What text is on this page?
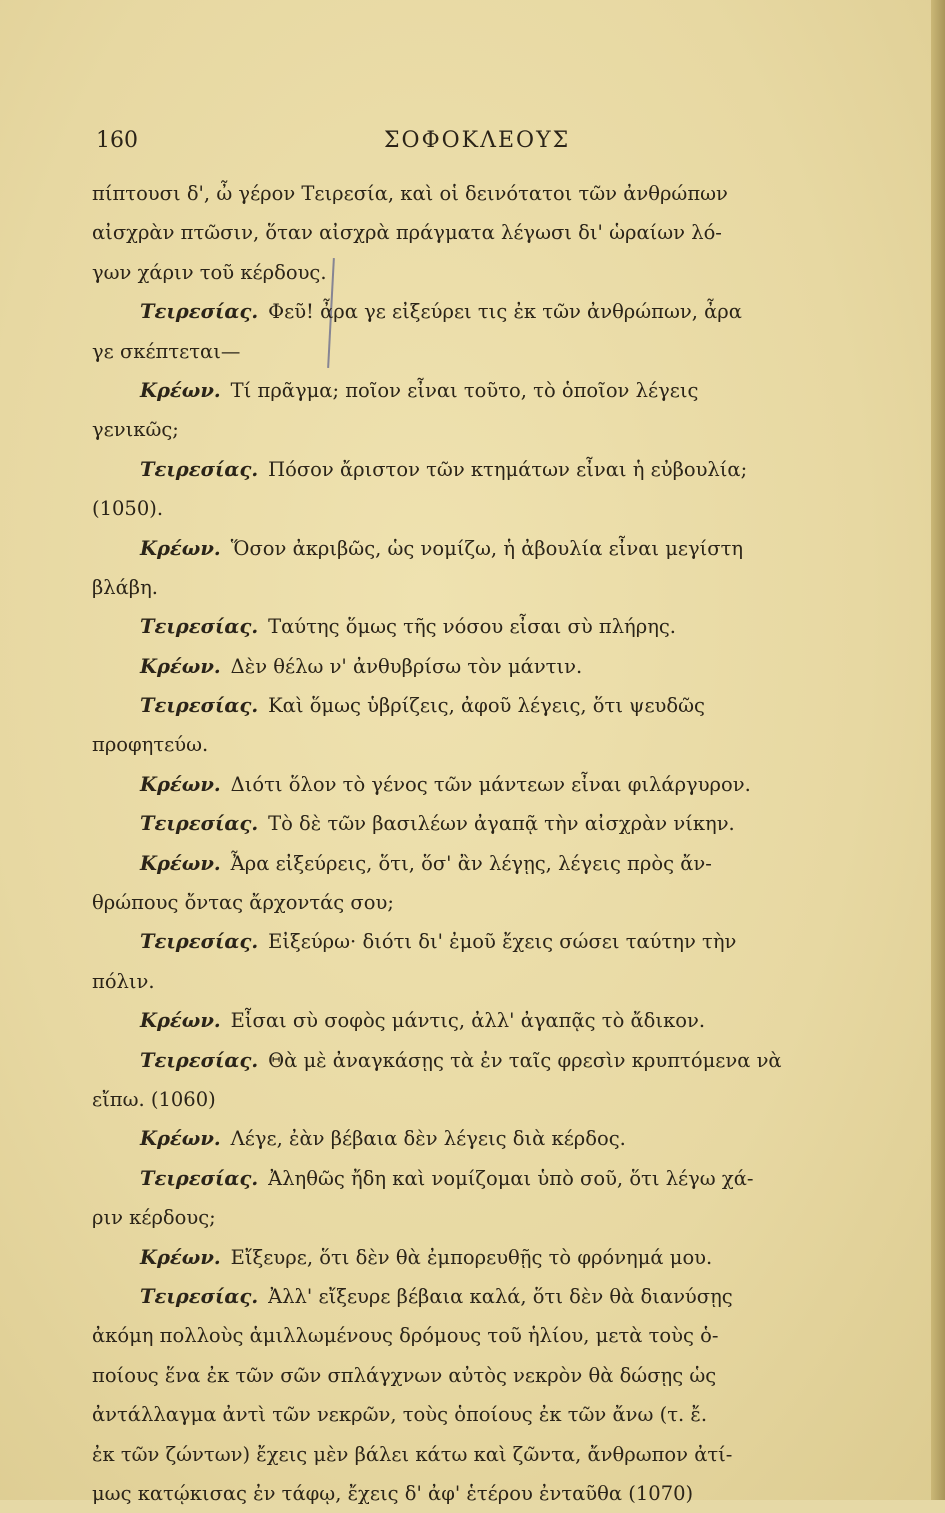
160	ΣΟΦΟΚΛΕΟΥΣ
πίπτουσι δ', ὦ γέρον Τειρεσία, καὶ οἱ δεινότατοι τῶν ἀνθρώπων
αἰσχρὰν πτῶσιν, ὅταν αἰσχρὰ πράγματα λέγωσι δι' ὡραίων λό-
γων χάριν τοῦ κέρδους.
Τειρεσίας. Φεῦ! ἆρα γε εἰξεύρει τις ἐκ τῶν ἀνθρώπων, ἆρα
γε σκέπτεται—
Κρέων. Τί πρᾶγμα; ποῖον εἶναι τοῦτο, τὸ ὁποῖον λέγεις
γενικῶς;
Τειρεσίας. Πόσον ἄριστον τῶν κτημάτων εἶναι ἡ εὐβουλία;
(1050).
Κρέων. Ὅσον ἀκριβῶς, ὡς νομίζω, ἡ ἀβουλία εἶναι μεγίστη
βλάβη.
Τειρεσίας. Ταύτης ὅμως τῆς νόσου εἶσαι σὺ πλήρης.
Κρέων. Δὲν θέλω ν' ἀνθυβρίσω τὸν μάντιν.
Τειρεσίας. Καὶ ὅμως ὑβρίζεις, ἀφοῦ λέγεις, ὅτι ψευδῶς
προφητεύω.
Κρέων. Διότι ὅλον τὸ γένος τῶν μάντεων εἶναι φιλάργυρον.
Τειρεσίας. Τὸ δὲ τῶν βασιλέων ἀγαπᾷ τὴν αἰσχρὰν νίκην.
Κρέων. Ἆρα εἰξεύρεις, ὅτι, ὅσ' ἂν λέγῃς, λέγεις πρὸς ἄν-
θρώπους ὄντας ἄρχοντάς σου;
Τειρεσίας. Εἰξεύρω· διότι δι' ἐμοῦ ἔχεις σώσει ταύτην τὴν
πόλιν.
Κρέων. Εἶσαι σὺ σοφὸς μάντις, ἀλλ' ἀγαπᾷς τὸ ἄδικον.
Τειρεσίας. Θὰ μὲ ἀναγκάσῃς τὰ ἐν ταῖς φρεσὶν κρυπτόμενα νὰ
εἴπω. (1060)
Κρέων. Λέγε, ἐὰν βέβαια δὲν λέγεις διὰ κέρδος.
Τειρεσίας. Ἀληθῶς ἤδη καὶ νομίζομαι ὑπὸ σοῦ, ὅτι λέγω χά-
ριν κέρδους;
Κρέων. Εἴξευρε, ὅτι δὲν θὰ ἐμπορευθῇς τὸ φρόνημά μου.
Τειρεσίας. Ἀλλ' εἴξευρε βέβαια καλά, ὅτι δὲν θὰ διανύσῃς
ἀκόμη πολλοὺς ἁμιλλωμένους δρόμους τοῦ ἡλίου, μετὰ τοὺς ὁ-
ποίους ἕνα ἐκ τῶν σῶν σπλάγχνων αὐτὸς νεκρὸν θὰ δώσῃς ὡς
ἀντάλλαγμα ἀντὶ τῶν νεκρῶν, τοὺς ὁποίους ἐκ τῶν ἄνω (τ. ἔ.
ἐκ τῶν ζώντων) ἔχεις μὲν βάλει κάτω καὶ ζῶντα, ἄνθρωπον ἀτί-
μως κατῴκισας ἐν τάφῳ, ἔχεις δ' ἀφ' ἑτέρου ἐνταῦθα (1070)
